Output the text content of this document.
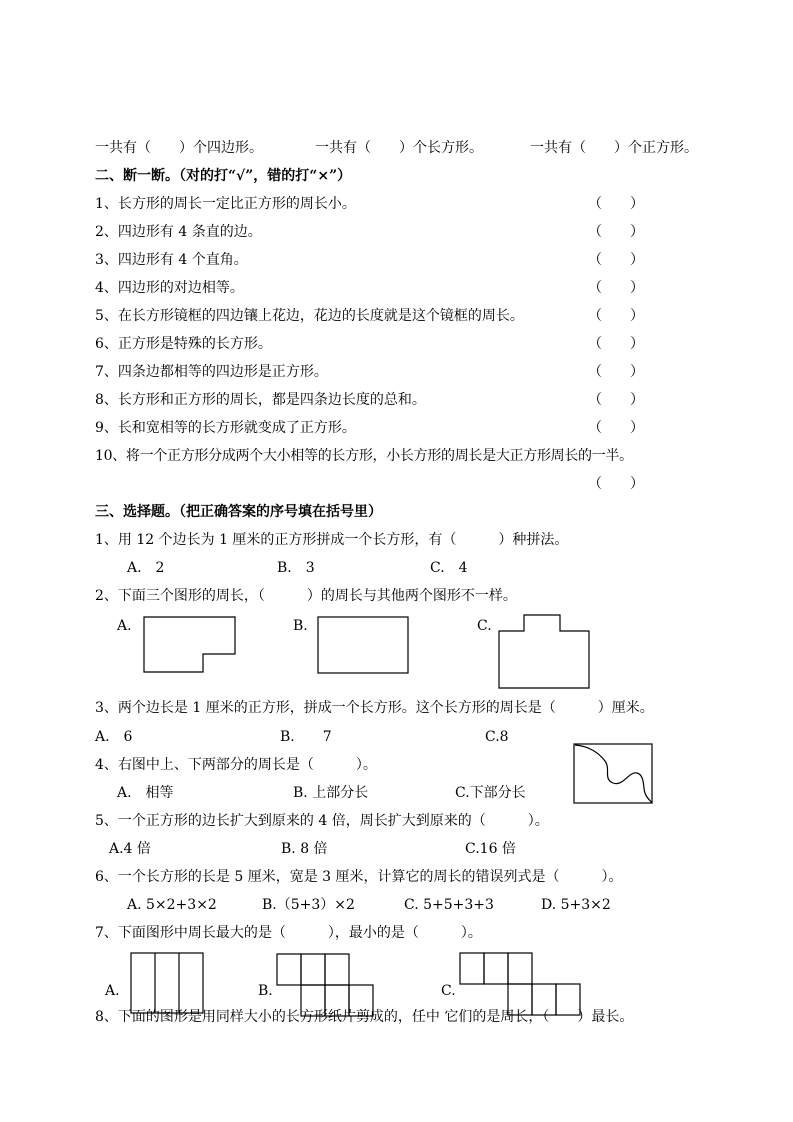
一共有（　　）个四边形。	一共有（　　）个长方形。	一共有（　　）个正方形。
二、断一断。（对的打“√”，错的打“×”）
1、长方形的周长一定比正方形的周长小。	（　　）
2、四边形有 4 条直的边。	（　　）
3、四边形有 4 个直角。	（　　）
4、四边形的对边相等。	（　　）
5、在长方形镜框的四边镶上花边，花边的长度就是这个镜框的周长。	（　　）
6、正方形是特殊的长方形。	（　　）
7、四条边都相等的四边形是正方形。	（　　）
8、长方形和正方形的周长，都是四条边长度的总和。	（　　）
9、长和宽相等的长方形就变成了正方形。	（　　）
10、将一个正方形分成两个大小相等的长方形，小长方形的周长是大正方形周长的一半。
（　　）
三、选择题。（把正确答案的序号填在括号里）
1、用 12 个边长为 1 厘米的正方形拼成一个长方形，有（　　　）种拼法。
A.　2	B.　3	C.　4
2、下面三个图形的周长，（　　　）的周长与其他两个图形不一样。
A.	B.	C.
3、两个边长是 1 厘米的正方形，拼成一个长方形。这个长方形的周长是（　　　）厘米。
A.　6	B.　　7	C.8
4、右图中上、下两部分的周长是（　　　）。
A.　相等	B. 上部分长	C.下部分长
5、一个正方形的边长扩大到原来的 4 倍，周长扩大到原来的（　　　）。
A.4 倍	B. 8 倍	C.16 倍
6、一个长方形的长是 5 厘米，宽是 3 厘米，计算它的周长的错误列式是（　　　）。
A. 5×2+3×2	B.（5+3）×2	C. 5+5+3+3	D. 5+3×2
7、下面图形中周长最大的是（　　　），最小的是（　　　）。
A.	B.	C.
8、下面的图形是用同样大小的长方形纸片剪成的，任中 它们的是周长，（　　）最长。
